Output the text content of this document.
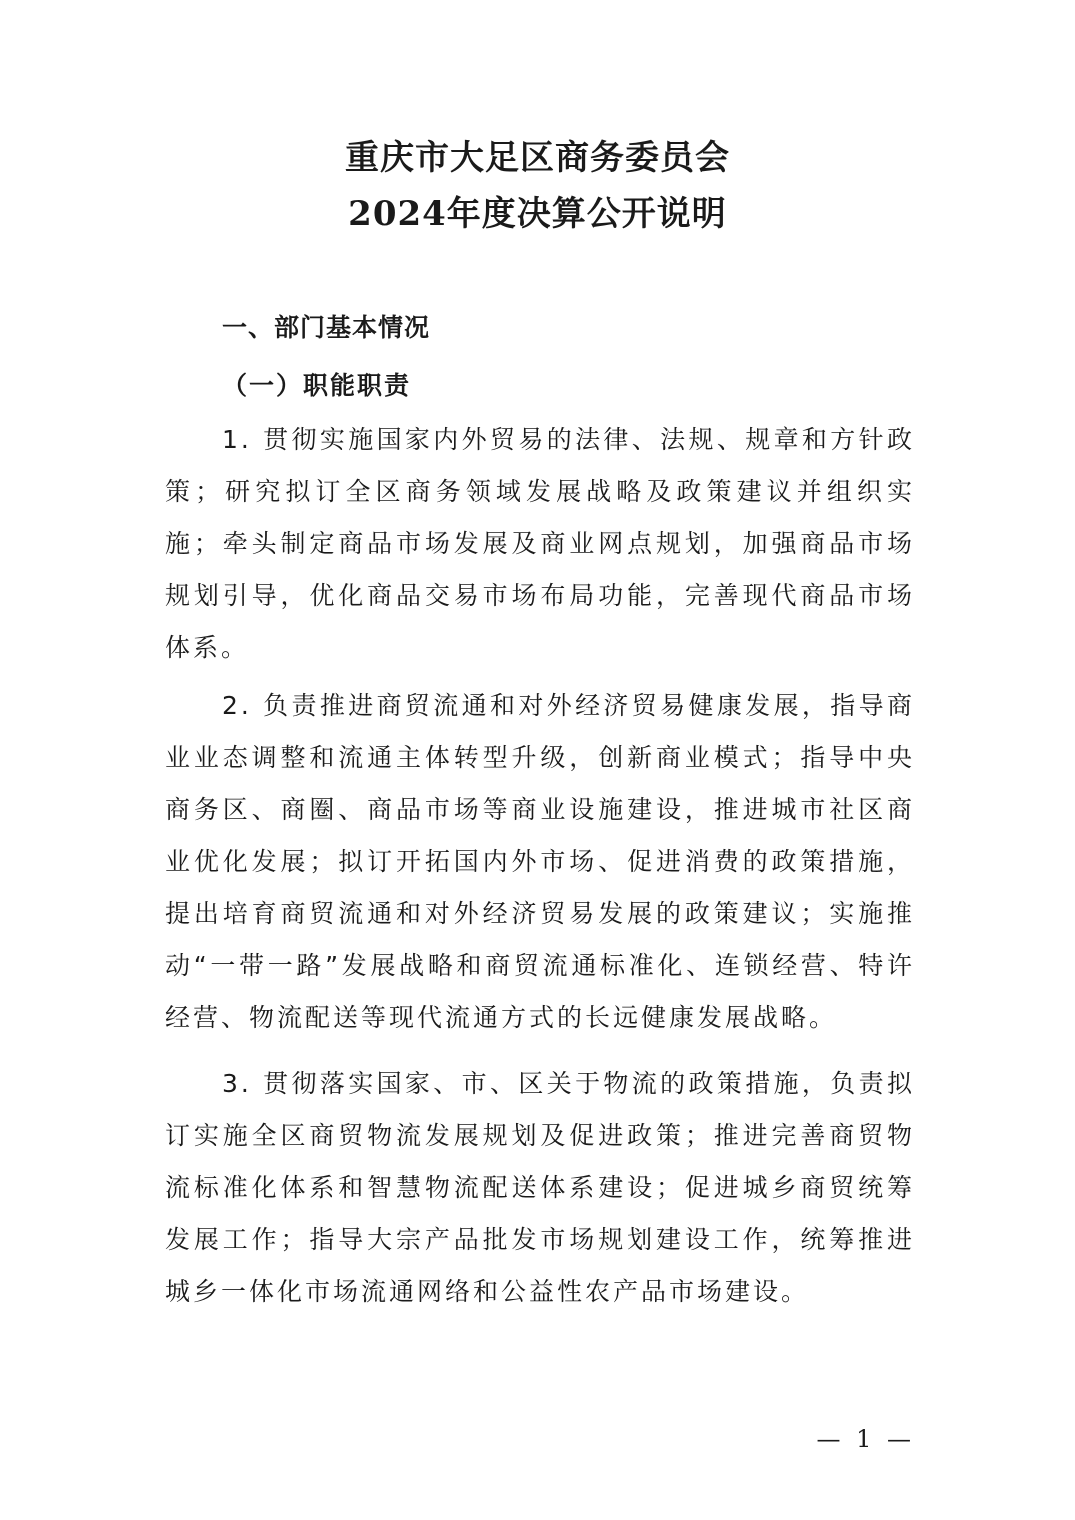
重庆市大足区商务委员会
2024年度决算公开说明
一、部门基本情况
（一）职能职责

1. 贯彻实施国家内外贸易的法律、法规、规章和方针政策；研究拟订全区商务领域发展战略及政策建议并组织实施；牵头制定商品市场发展及商业网点规划，加强商品市场规划引导，优化商品交易市场布局功能，完善现代商品市场体系。

2. 负责推进商贸流通和对外经济贸易健康发展，指导商业业态调整和流通主体转型升级，创新商业模式；指导中央商务区、商圈、商品市场等商业设施建设，推进城市社区商业优化发展；拟订开拓国内外市场、促进消费的政策措施，提出培育商贸流通和对外经济贸易发展的政策建议；实施推动“一带一路”发展战略和商贸流通标准化、连锁经营、特许经营、物流配送等现代流通方式的长远健康发展战略。

3. 贯彻落实国家、市、区关于物流的政策措施，负责拟订实施全区商贸物流发展规划及促进政策；推进完善商贸物流标准化体系和智慧物流配送体系建设；促进城乡商贸统筹发展工作；指导大宗产品批发市场规划建设工作，统筹推进城乡一体化市场流通网络和公益性农产品市场建设。

— 1 —
